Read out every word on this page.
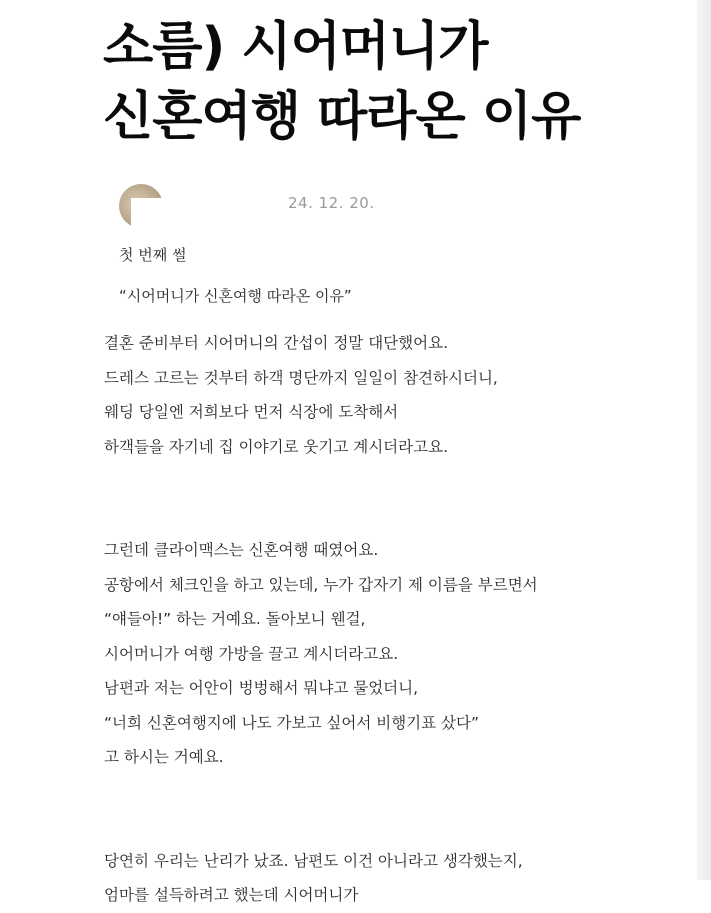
소름) 시어머니가
신혼여행 따라온 이유
24. 12. 20.
첫 번째 썰
“시어머니가 신혼여행 따라온 이유”
결혼 준비부터 시어머니의 간섭이 정말 대단했어요.
드레스 고르는 것부터 하객 명단까지 일일이 참견하시더니,
웨딩 당일엔 저희보다 먼저 식장에 도착해서
하객들을 자기네 집 이야기로 웃기고 계시더라고요.
그런데 클라이맥스는 신혼여행 때였어요.
공항에서 체크인을 하고 있는데, 누가 갑자기 제 이름을 부르면서
“얘들아!” 하는 거예요. 돌아보니 웬걸,
시어머니가 여행 가방을 끌고 계시더라고요.
남편과 저는 어안이 벙벙해서 뭐냐고 물었더니,
“너희 신혼여행지에 나도 가보고 싶어서 비행기표 샀다”
고 하시는 거예요.
당연히 우리는 난리가 났죠. 남편도 이건 아니라고 생각했는지,
엄마를 설득하려고 했는데 시어머니가
